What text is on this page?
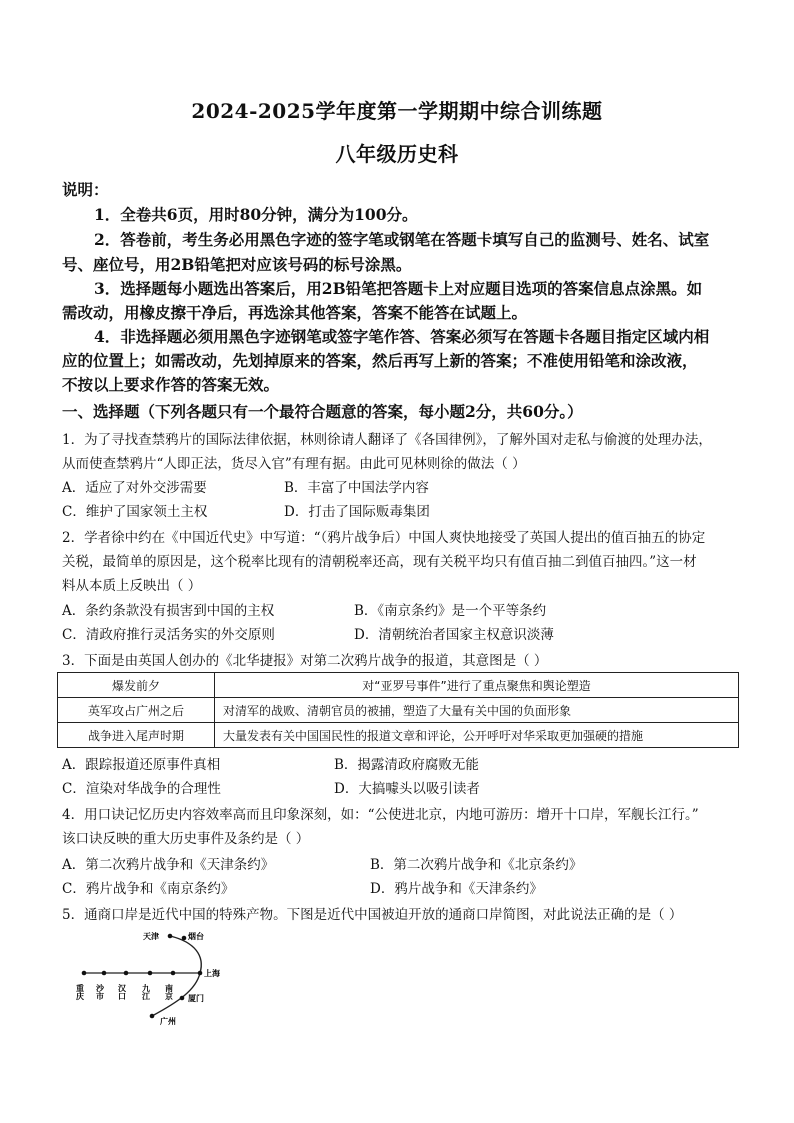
2024-2025学年度第一学期期中综合训练题
八年级历史科
说明：
1．全卷共6页，用时80分钟，满分为100分。
2．答卷前，考生务必用黑色字迹的签字笔或钢笔在答题卡填写自己的监测号、姓名、试室
号、座位号，用2B铅笔把对应该号码的标号涂黑。
3．选择题每小题选出答案后，用2B铅笔把答题卡上对应题目选项的答案信息点涂黑。如
需改动，用橡皮擦干净后，再选涂其他答案，答案不能答在试题上。
4．非选择题必须用黑色字迹钢笔或签字笔作答、答案必须写在答题卡各题目指定区域内相
应的位置上；如需改动，先划掉原来的答案，然后再写上新的答案；不准使用铅笔和涂改液，
不按以上要求作答的答案无效。
一、选择题（下列各题只有一个最符合题意的答案，每小题2分，共60分。）
1．为了寻找查禁鸦片的国际法律依据，林则徐请人翻译了《各国律例》，了解外国对走私与偷渡的处理办法，
从而使查禁鸦片“人即正法，货尽入官”有理有据。由此可见林则徐的做法（ ）
A．适应了对外交涉需要	B．丰富了中国法学内容
C．维护了国家领土主权	D．打击了国际贩毒集团
2．学者徐中约在《中国近代史》中写道：“（鸦片战争后）中国人爽快地接受了英国人提出的值百抽五的协定
关税，最简单的原因是，这个税率比现有的清朝税率还高，现有关税平均只有值百抽二到值百抽四。”这一材
料从本质上反映出（ ）
A．条约条款没有损害到中国的主权	B．《南京条约》是一个平等条约
C．清政府推行灵活务实的外交原则	D．清朝统治者国家主权意识淡薄
3．下面是由英国人创办的《北华捷报》对第二次鸦片战争的报道，其意图是（ ）
爆发前夕	对“亚罗号事件”进行了重点聚焦和舆论塑造
英军攻占广州之后	对清军的战败、清朝官员的被捕，塑造了大量有关中国的负面形象
战争进入尾声时期	大量发表有关中国国民性的报道文章和评论，公开呼吁对华采取更加强硬的措施
A．跟踪报道还原事件真相	B．揭露清政府腐败无能
C．渲染对华战争的合理性	D．大搞噱头以吸引读者
4．用口诀记忆历史内容效率高而且印象深刻，如：“公使进北京，内地可游历：增开十口岸，军舰长江行。”
该口诀反映的重大历史事件及条约是（ ）
A．第二次鸦片战争和《天津条约》	B．第二次鸦片战争和《北京条约》
C．鸦片战争和《南京条约》	D．鸦片战争和《天津条约》
5．通商口岸是近代中国的特殊产物。下图是近代中国被迫开放的通商口岸简图，对此说法正确的是（ ）
天津	烟台
上海
厦门
广州
重庆 沙市 汉口 九江 南京
